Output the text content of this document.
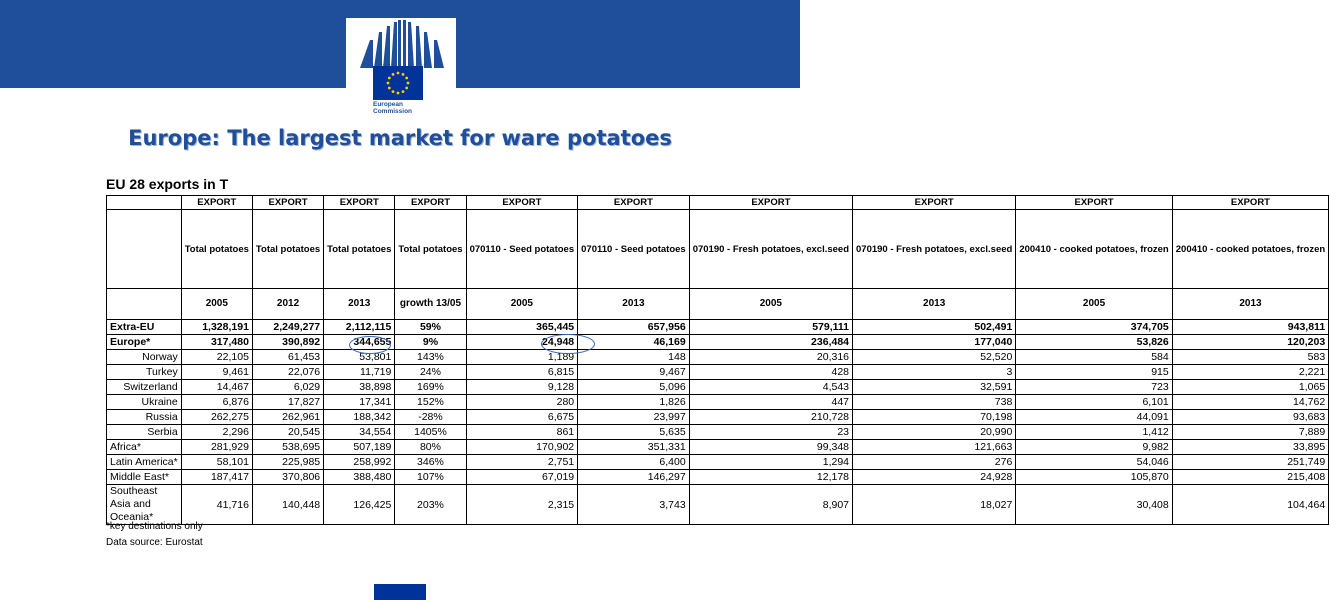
European
Commission
Europe: The largest market for ware potatoes
EU 28 exports in T
	EXPORT	EXPORT	EXPORT	EXPORT	EXPORT	EXPORT	EXPORT	EXPORT	EXPORT	EXPORT
	Total potatoes	Total potatoes	Total potatoes	Total potatoes	070110 - Seed potatoes	070110 - Seed potatoes	070190 - Fresh potatoes, excl.seed	070190 - Fresh potatoes, excl.seed	200410 - cooked potatoes, frozen	200410 - cooked potatoes, frozen
	2005	2012	2013	growth 13/05	2005	2013	2005	2013	2005	2013
Extra-EU	1,328,191	2,249,277	2,112,115	59%	365,445	657,956	579,111	502,491	374,705	943,811
Europe*	317,480	390,892	344,655	9%	24,948	46,169	236,484	177,040	53,826	120,203
Norway	22,105	61,453	53,801	143%	1,189	148	20,316	52,520	584	583
Turkey	9,461	22,076	11,719	24%	6,815	9,467	428	3	915	2,221
Switzerland	14,467	6,029	38,898	169%	9,128	5,096	4,543	32,591	723	1,065
Ukraine	6,876	17,827	17,341	152%	280	1,826	447	738	6,101	14,762
Russia	262,275	262,961	188,342	-28%	6,675	23,997	210,728	70,198	44,091	93,683
Serbia	2,296	20,545	34,554	1405%	861	5,635	23	20,990	1,412	7,889
Africa*	281,929	538,695	507,189	80%	170,902	351,331	99,348	121,663	9,982	33,895
Latin America*	58,101	225,985	258,992	346%	2,751	6,400	1,294	276	54,046	251,749
Middle East*	187,417	370,806	388,480	107%	67,019	146,297	12,178	24,928	105,870	215,408
Southeast Asia and Oceania*	41,716	140,448	126,425	203%	2,315	3,743	8,907	18,027	30,408	104,464
*key destinations only
Data source: Eurostat
